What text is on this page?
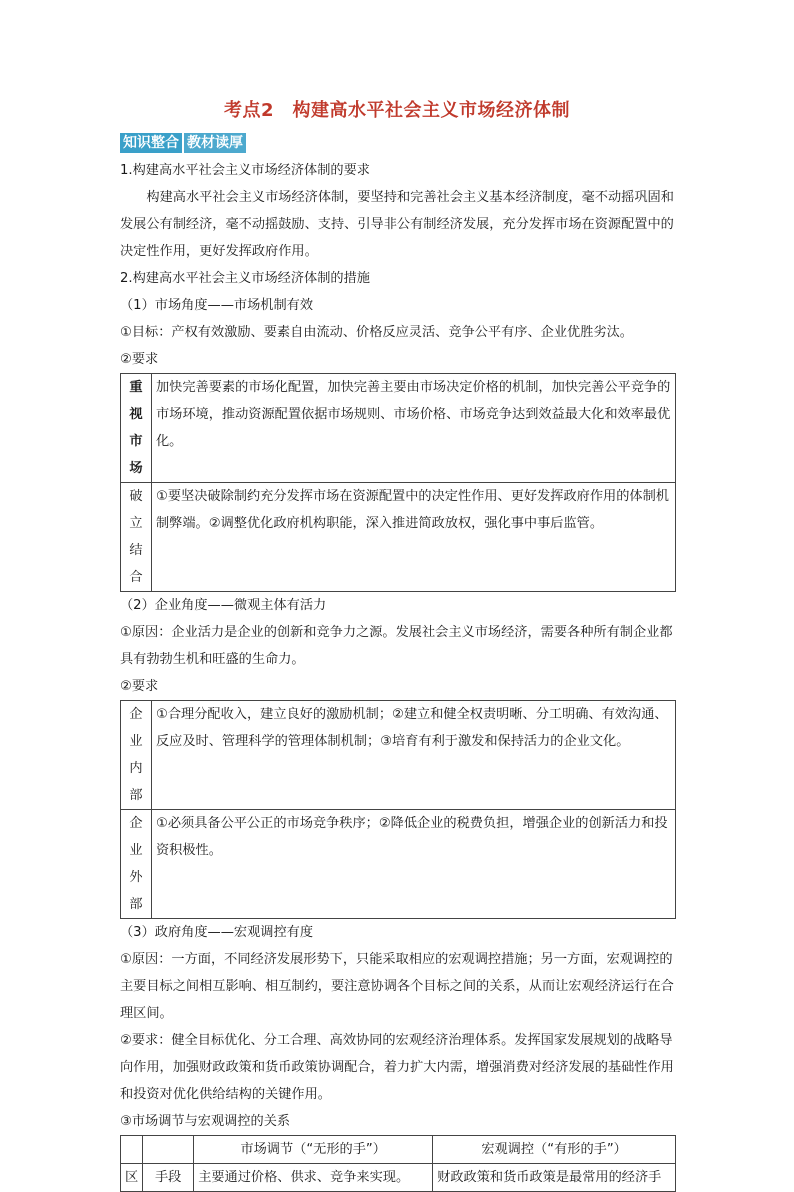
考点2　构建高水平社会主义市场经济体制
知识整合 教材读厚

1.构建高水平社会主义市场经济体制的要求

构建高水平社会主义市场经济体制，要坚持和完善社会主义基本经济制度，毫不动摇巩固和发展公有制经济，毫不动摇鼓励、支持、引导非公有制经济发展，充分发挥市场在资源配置中的决定性作用，更好发挥政府作用。

2.构建高水平社会主义市场经济体制的措施

（1）市场角度——市场机制有效

①目标：产权有效激励、要素自由流动、价格反应灵活、竞争公平有序、企业优胜劣汰。

②要求

重视市场	加快完善要素的市场化配置，加快完善主要由市场决定价格的机制，加快完善公平竞争的市场环境，推动资源配置依据市场规则、市场价格、市场竞争达到效益最大化和效率最优化。
破立结合	①要坚决破除制约充分发挥市场在资源配置中的决定性作用、更好发挥政府作用的体制机制弊端。②调整优化政府机构职能，深入推进简政放权，强化事中事后监管。

（2）企业角度——微观主体有活力

①原因：企业活力是企业的创新和竞争力之源。发展社会主义市场经济，需要各种所有制企业都具有勃勃生机和旺盛的生命力。

②要求

企业内部	①合理分配收入，建立良好的激励机制；②建立和健全权责明晰、分工明确、有效沟通、反应及时、管理科学的管理体制机制；③培育有利于激发和保持活力的企业文化。
企业外部	①必须具备公平公正的市场竞争秩序；②降低企业的税费负担，增强企业的创新活力和投资积极性。

（3）政府角度——宏观调控有度

①原因：一方面，不同经济发展形势下，只能采取相应的宏观调控措施；另一方面，宏观调控的主要目标之间相互影响、相互制约，要注意协调各个目标之间的关系，从而让宏观经济运行在合理区间。

②要求：健全目标优化、分工合理、高效协同的宏观经济治理体系。发挥国家发展规划的战略导向作用，加强财政政策和货币政策协调配合，着力扩大内需，增强消费对经济发展的基础性作用和投资对优化供给结构的关键作用。

③市场调节与宏观调控的关系

		市场调节（“无形的手”）	宏观调控（“有形的手”）
区	手段	主要通过价格、供求、竞争来实现。	财政政策和货币政策是最常用的经济手
